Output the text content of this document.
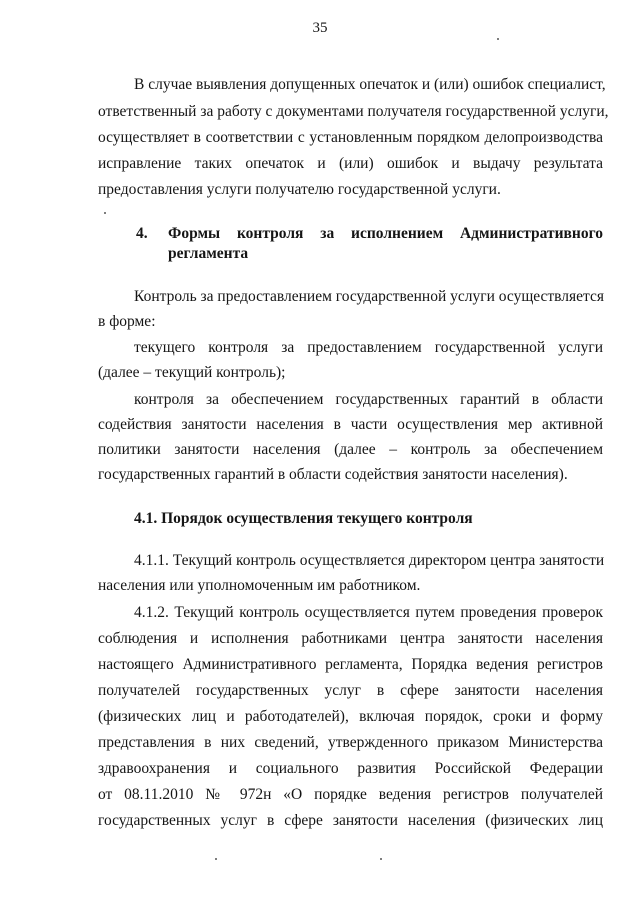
35
В случае выявления допущенных опечаток и (или) ошибок специалист,
ответственный за работу с документами получателя государственной услуги,
осуществляет в соответствии с установленным порядком делопроизводства
исправление таких опечаток и (или) ошибок и выдачу результата
предоставления услуги получателю государственной услуги.
4. Формы контроля за исполнением Административного
регламента
Контроль за предоставлением государственной услуги осуществляется
в форме:
текущего контроля за предоставлением государственной услуги
(далее – текущий контроль);
контроля за обеспечением государственных гарантий в области
содействия занятости населения в части осуществления мер активной
политики занятости населения (далее – контроль за обеспечением
государственных гарантий в области содействия занятости населения).
4.1. Порядок осуществления текущего контроля
4.1.1. Текущий контроль осуществляется директором центра занятости
населения или уполномоченным им работником.
4.1.2. Текущий контроль осуществляется путем проведения проверок
соблюдения и исполнения работниками центра занятости населения
настоящего Административного регламента, Порядка ведения регистров
получателей государственных услуг в сфере занятости населения
(физических лиц и работодателей), включая порядок, сроки и форму
представления в них сведений, утвержденного приказом Министерства
здравоохранения и социального развития Российской Федерации
от 08.11.2010 № 972н «О порядке ведения регистров получателей
государственных услуг в сфере занятости населения (физических лиц
